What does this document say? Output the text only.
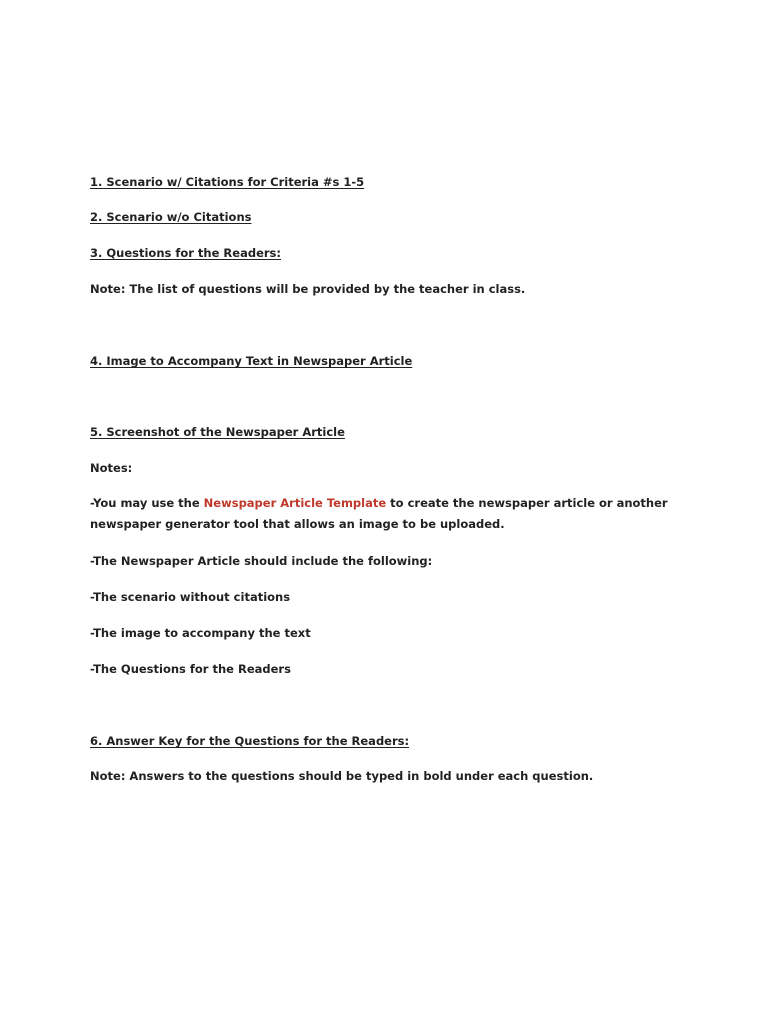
1. Scenario w/ Citations for Criteria #s 1-5
2. Scenario w/o Citations
3. Questions for the Readers:
Note: The list of questions will be provided by the teacher in class.
4. Image to Accompany Text in Newspaper Article
5. Screenshot of the Newspaper Article
Notes:
-You may use the Newspaper Article Template to create the newspaper article or another newspaper generator tool that allows an image to be uploaded.
-The Newspaper Article should include the following:
-The scenario without citations
-The image to accompany the text
-The Questions for the Readers
6. Answer Key for the Questions for the Readers:
Note: Answers to the questions should be typed in bold under each question.
